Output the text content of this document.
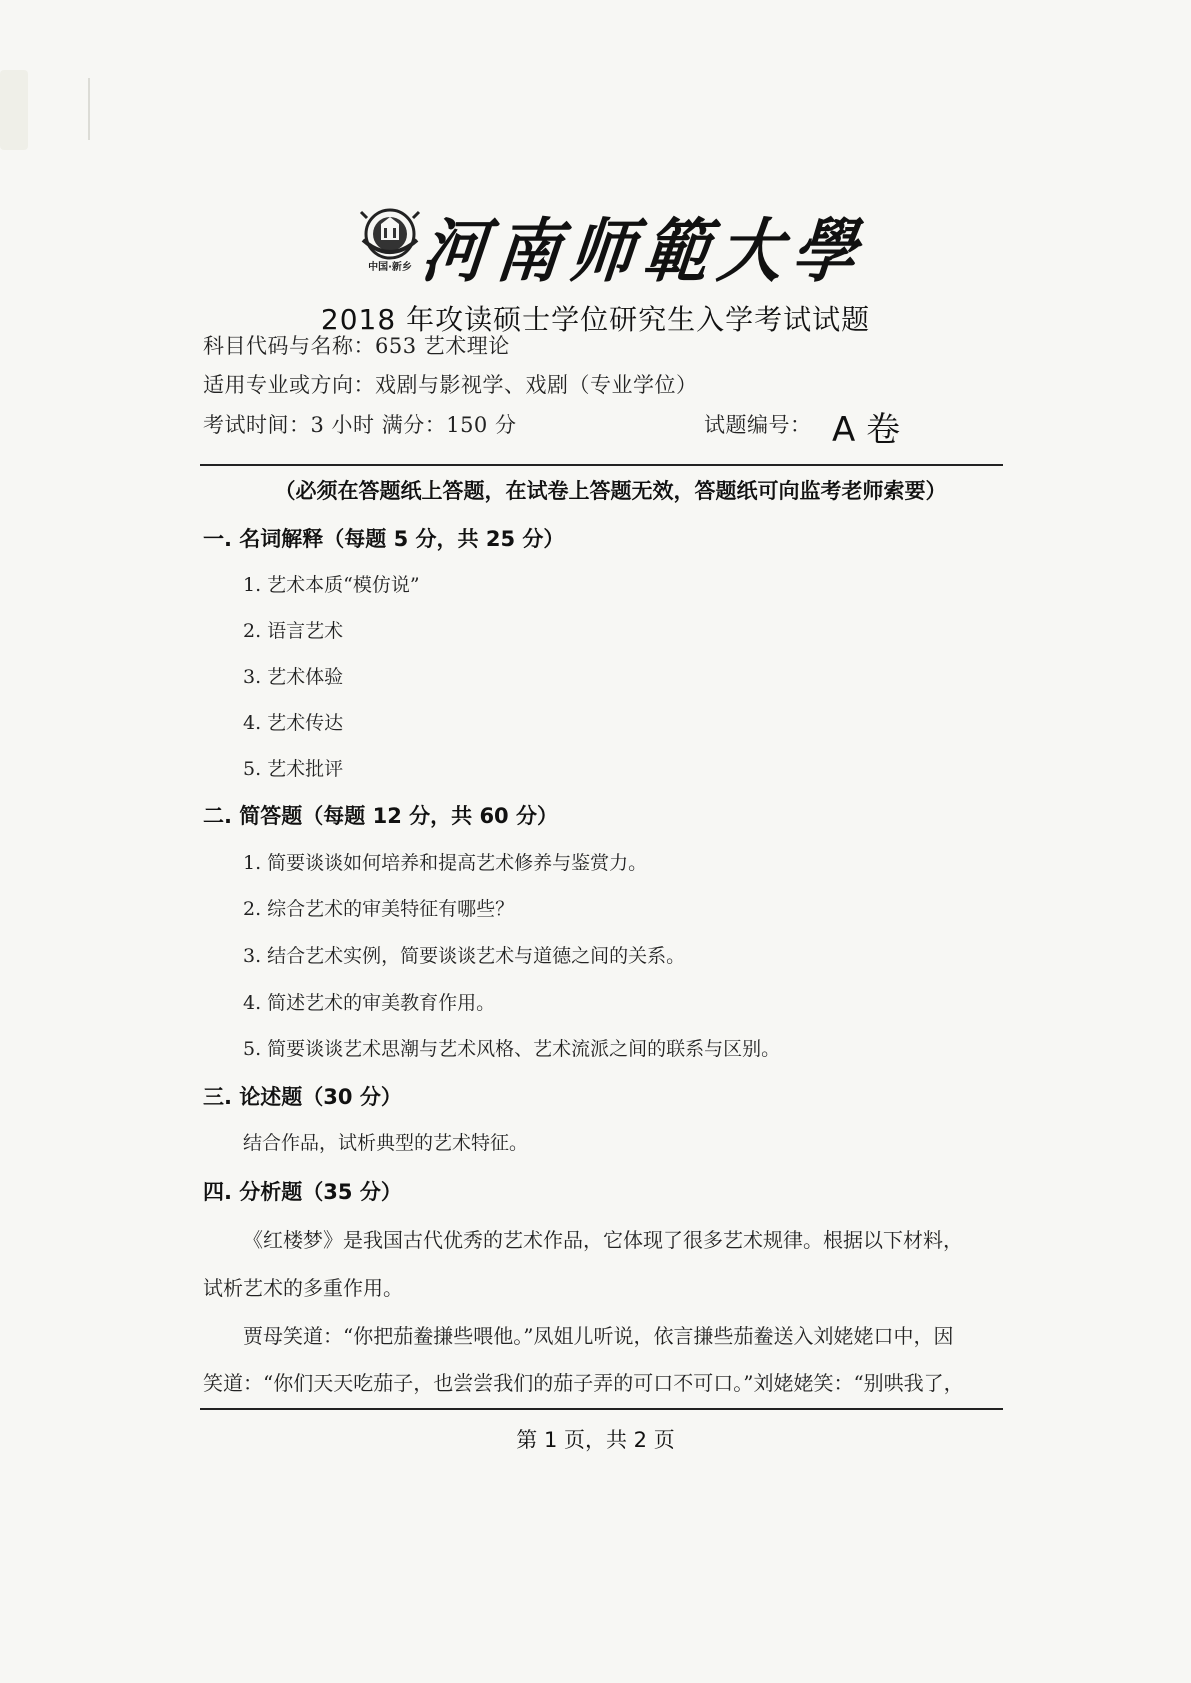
中国·新乡 河南师範大學
2018 年攻读硕士学位研究生入学考试试题
科目代码与名称：653 艺术理论
适用专业或方向：戏剧与影视学、戏剧（专业学位）
考试时间：3 小时 满分：150 分	试题编号： A 卷
（必须在答题纸上答题，在试卷上答题无效，答题纸可向监考老师索要）
一. 名词解释（每题 5 分，共 25 分）
1. 艺术本质“模仿说”
2. 语言艺术
3. 艺术体验
4. 艺术传达
5. 艺术批评
二. 简答题（每题 12 分，共 60 分）
1. 简要谈谈如何培养和提高艺术修养与鉴赏力。
2. 综合艺术的审美特征有哪些？
3. 结合艺术实例，简要谈谈艺术与道德之间的关系。
4. 简述艺术的审美教育作用。
5. 简要谈谈艺术思潮与艺术风格、艺术流派之间的联系与区别。
三. 论述题（30 分）
结合作品，试析典型的艺术特征。
四. 分析题（35 分）
《红楼梦》是我国古代优秀的艺术作品，它体现了很多艺术规律。根据以下材料，
试析艺术的多重作用。
贾母笑道：“你把茄鲞搛些喂他。”凤姐儿听说，依言搛些茄鲞送入刘姥姥口中，因
笑道：“你们天天吃茄子，也尝尝我们的茄子弄的可口不可口。”刘姥姥笑：“别哄我了，
第 1 页，共 2 页
